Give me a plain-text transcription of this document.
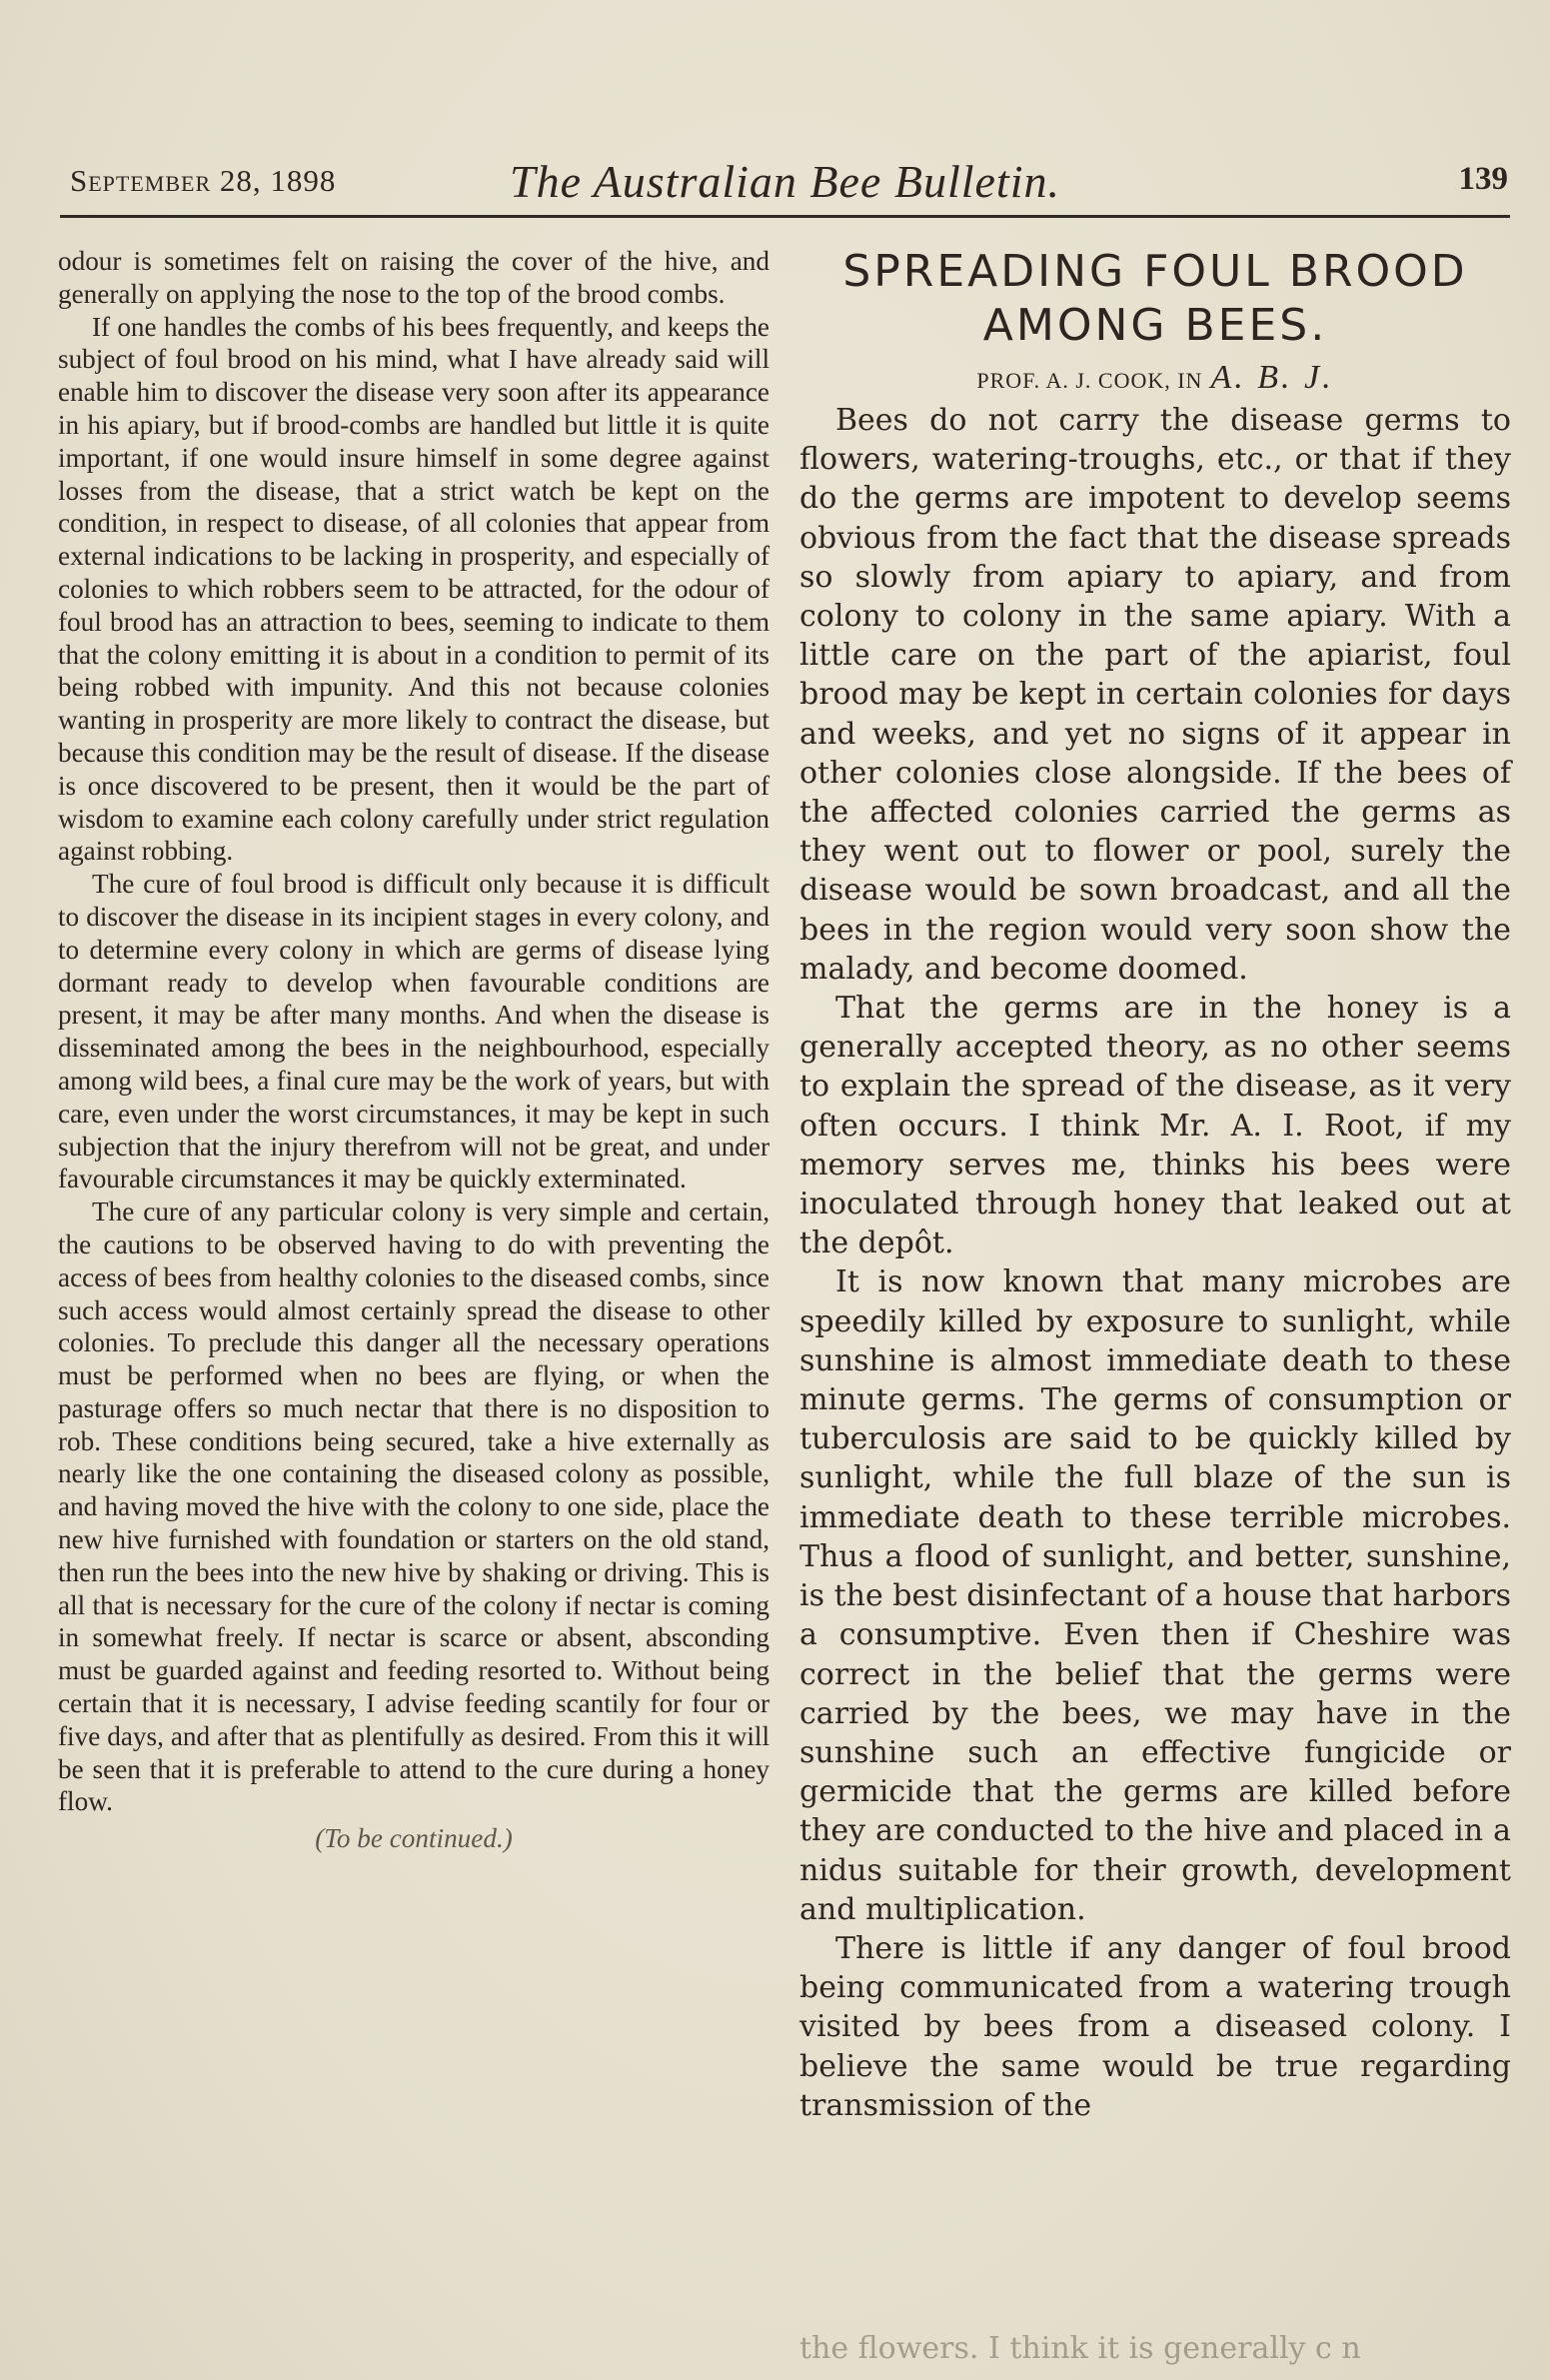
September 28, 1898	The Australian Bee Bulletin.	139

odour is sometimes felt on raising the cover of the hive, and generally on applying the nose to the top of the brood combs.

If one handles the combs of his bees frequently, and keeps the subject of foul brood on his mind, what I have already said will enable him to discover the disease very soon after its appearance in his apiary, but if brood-combs are handled but little it is quite important, if one would insure himself in some degree against losses from the disease, that a strict watch be kept on the condition, in respect to disease, of all colonies that appear from external indications to be lacking in prosperity, and especially of colonies to which robbers seem to be attracted, for the odour of foul brood has an attraction to bees, seeming to indicate to them that the colony emitting it is about in a condition to permit of its being robbed with impunity. And this not because colonies wanting in prosperity are more likely to contract the disease, but because this condition may be the result of disease. If the disease is once discovered to be present, then it would be the part of wisdom to examine each colony carefully under strict regulation against robbing.

The cure of foul brood is difficult only because it is difficult to discover the disease in its incipient stages in every colony, and to determine every colony in which are germs of disease lying dormant ready to develop when favourable conditions are present, it may be after many months. And when the disease is disseminated among the bees in the neighbourhood, especially among wild bees, a final cure may be the work of years, but with care, even under the worst circumstances, it may be kept in such subjection that the injury therefrom will not be great, and under favourable circumstances it may be quickly exterminated.

The cure of any particular colony is very simple and certain, the cautions to be observed having to do with preventing the access of bees from healthy colonies to the diseased combs, since such access would almost certainly spread the disease to other colonies. To preclude this danger all the necessary operations must be performed when no bees are flying, or when the pasturage offers so much nectar that there is no disposition to rob. These conditions being secured, take a hive externally as nearly like the one containing the diseased colony as possible, and having moved the hive with the colony to one side, place the new hive furnished with foundation or starters on the old stand, then run the bees into the new hive by shaking or driving. This is all that is necessary for the cure of the colony if nectar is coming in somewhat freely. If nectar is scarce or absent, absconding must be guarded against and feeding resorted to. Without being certain that it is necessary, I advise feeding scantily for four or five days, and after that as plentifully as desired. From this it will be seen that it is preferable to attend to the cure during a honey flow.

(To be continued.)
SPREADING FOUL BROOD
AMONG BEES.
PROF. A. J. COOK, IN A. B. J.

Bees do not carry the disease germs to flowers, watering-troughs, etc., or that if they do the germs are impotent to develop seems obvious from the fact that the disease spreads so slowly from apiary to apiary, and from colony to colony in the same apiary. With a little care on the part of the apiarist, foul brood may be kept in certain colonies for days and weeks, and yet no signs of it appear in other colonies close alongside. If the bees of the affected colonies carried the germs as they went out to flower or pool, surely the disease would be sown broadcast, and all the bees in the region would very soon show the malady, and become doomed.

That the germs are in the honey is a generally accepted theory, as no other seems to explain the spread of the disease, as it very often occurs. I think Mr. A. I. Root, if my memory serves me, thinks his bees were inoculated through honey that leaked out at the depôt.

It is now known that many microbes are speedily killed by exposure to sunlight, while sunshine is almost immediate death to these minute germs. The germs of consumption or tuberculosis are said to be quickly killed by sunlight, while the full blaze of the sun is immediate death to these terrible microbes. Thus a flood of sunlight, and better, sunshine, is the best disinfectant of a house that harbors a consumptive. Even then if Cheshire was correct in the belief that the germs were carried by the bees, we may have in the sunshine such an effective fungicide or germicide that the germs are killed before they are conducted to the hive and placed in a nidus suitable for their growth, development and multiplication.

There is little if any danger of foul brood being communicated from a watering trough visited by bees from a diseased colony. I believe the same would be true regarding transmission of the

the flowers. I think it is generally c n
